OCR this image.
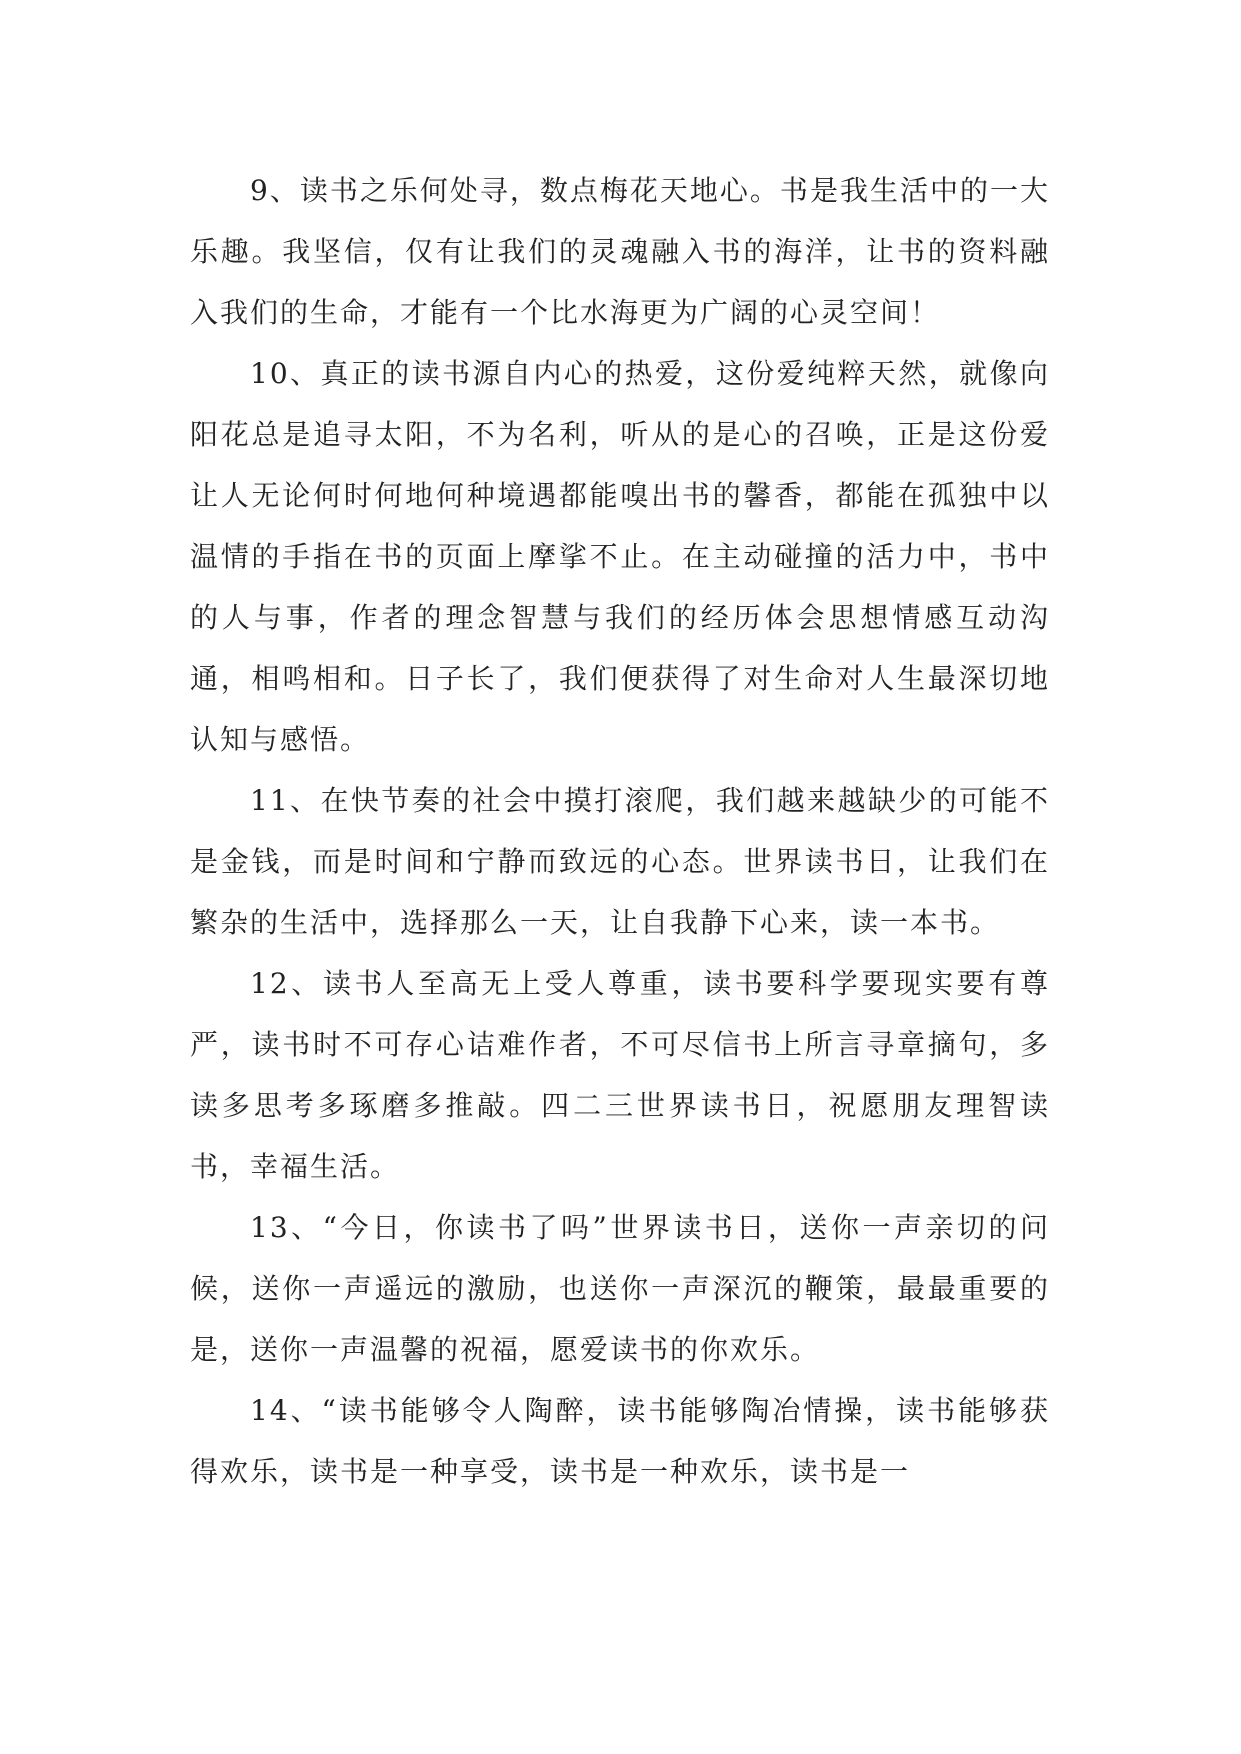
9、读书之乐何处寻，数点梅花天地心。书是我生活中的一大乐趣。我坚信，仅有让我们的灵魂融入书的海洋，让书的资料融入我们的生命，才能有一个比水海更为广阔的心灵空间！

10、真正的读书源自内心的热爱，这份爱纯粹天然，就像向阳花总是追寻太阳，不为名利，听从的是心的召唤，正是这份爱让人无论何时何地何种境遇都能嗅出书的馨香，都能在孤独中以温情的手指在书的页面上摩挲不止。在主动碰撞的活力中，书中的人与事，作者的理念智慧与我们的经历体会思想情感互动沟通，相鸣相和。日子长了，我们便获得了对生命对人生最深切地认知与感悟。

11、在快节奏的社会中摸打滚爬，我们越来越缺少的可能不是金钱，而是时间和宁静而致远的心态。世界读书日，让我们在繁杂的生活中，选择那么一天，让自我静下心来，读一本书。

12、读书人至高无上受人尊重，读书要科学要现实要有尊严，读书时不可存心诘难作者，不可尽信书上所言寻章摘句，多读多思考多琢磨多推敲。四二三世界读书日，祝愿朋友理智读书，幸福生活。

13、“今日，你读书了吗”世界读书日，送你一声亲切的问候，送你一声遥远的激励，也送你一声深沉的鞭策，最最重要的是，送你一声温馨的祝福，愿爱读书的你欢乐。

14、“读书能够令人陶醉，读书能够陶冶情操，读书能够获得欢乐，读书是一种享受，读书是一种欢乐，读书是一
